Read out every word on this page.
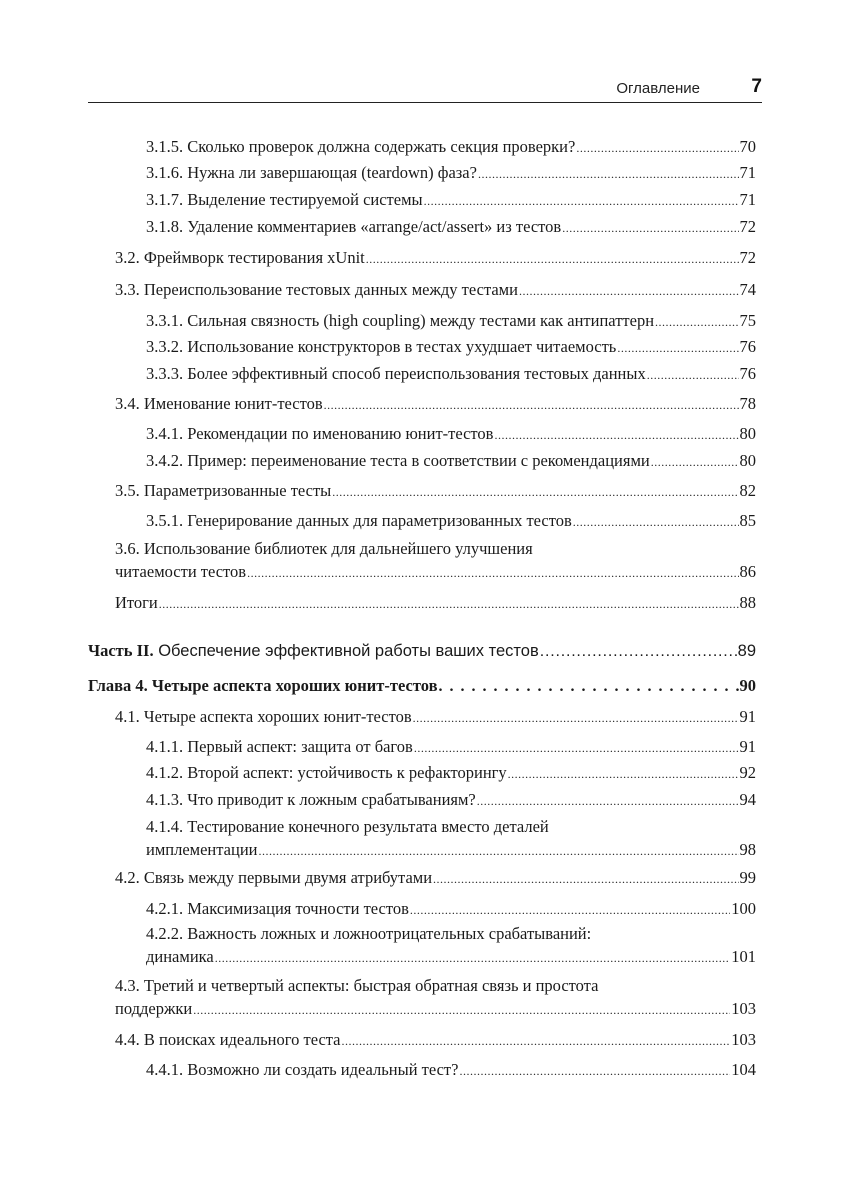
Оглавление	7
3.1.5. Сколько проверок должна содержать секция проверки? .....	70
3.1.6. Нужна ли завершающая (teardown) фаза? .....	71
3.1.7. Выделение тестируемой системы .....	71
3.1.8. Удаление комментариев «arrange/act/assert» из тестов .....	72
3.2. Фреймворк тестирования xUnit .....	72
3.3. Переиспользование тестовых данных между тестами .....	74
3.3.1. Сильная связность (high coupling) между тестами как антипаттерн .....	75
3.3.2. Использование конструкторов в тестах ухудшает читаемость .....	76
3.3.3. Более эффективный способ переиспользования тестовых данных .....	76
3.4. Именование юнит-тестов .....	78
3.4.1. Рекомендации по именованию юнит-тестов .....	80
3.4.2. Пример: переименование теста в соответствии с рекомендациями .....	80
3.5. Параметризованные тесты .....	82
3.5.1. Генерирование данных для параметризованных тестов .....	85
3.6. Использование библиотек для дальнейшего улучшения
читаемости тестов .....	86
Итоги .....	88
Часть II. Обеспечение эффективной работы ваших тестов .....	89
Глава 4. Четыре аспекта хороших юнит-тестов . . .	90
4.1. Четыре аспекта хороших юнит-тестов .....	91
4.1.1. Первый аспект: защита от багов .....	91
4.1.2. Второй аспект: устойчивость к рефакторингу .....	92
4.1.3. Что приводит к ложным срабатываниям? .....	94
4.1.4. Тестирование конечного результата вместо деталей
имплементации .....	98
4.2. Связь между первыми двумя атрибутами .....	99
4.2.1. Максимизация точности тестов .....	100
4.2.2. Важность ложных и ложноотрицательных срабатываний:
динамика .....	101
4.3. Третий и четвертый аспекты: быстрая обратная связь и простота
поддержки .....	103
4.4. В поисках идеального теста .....	103
4.4.1. Возможно ли создать идеальный тест? .....	104
